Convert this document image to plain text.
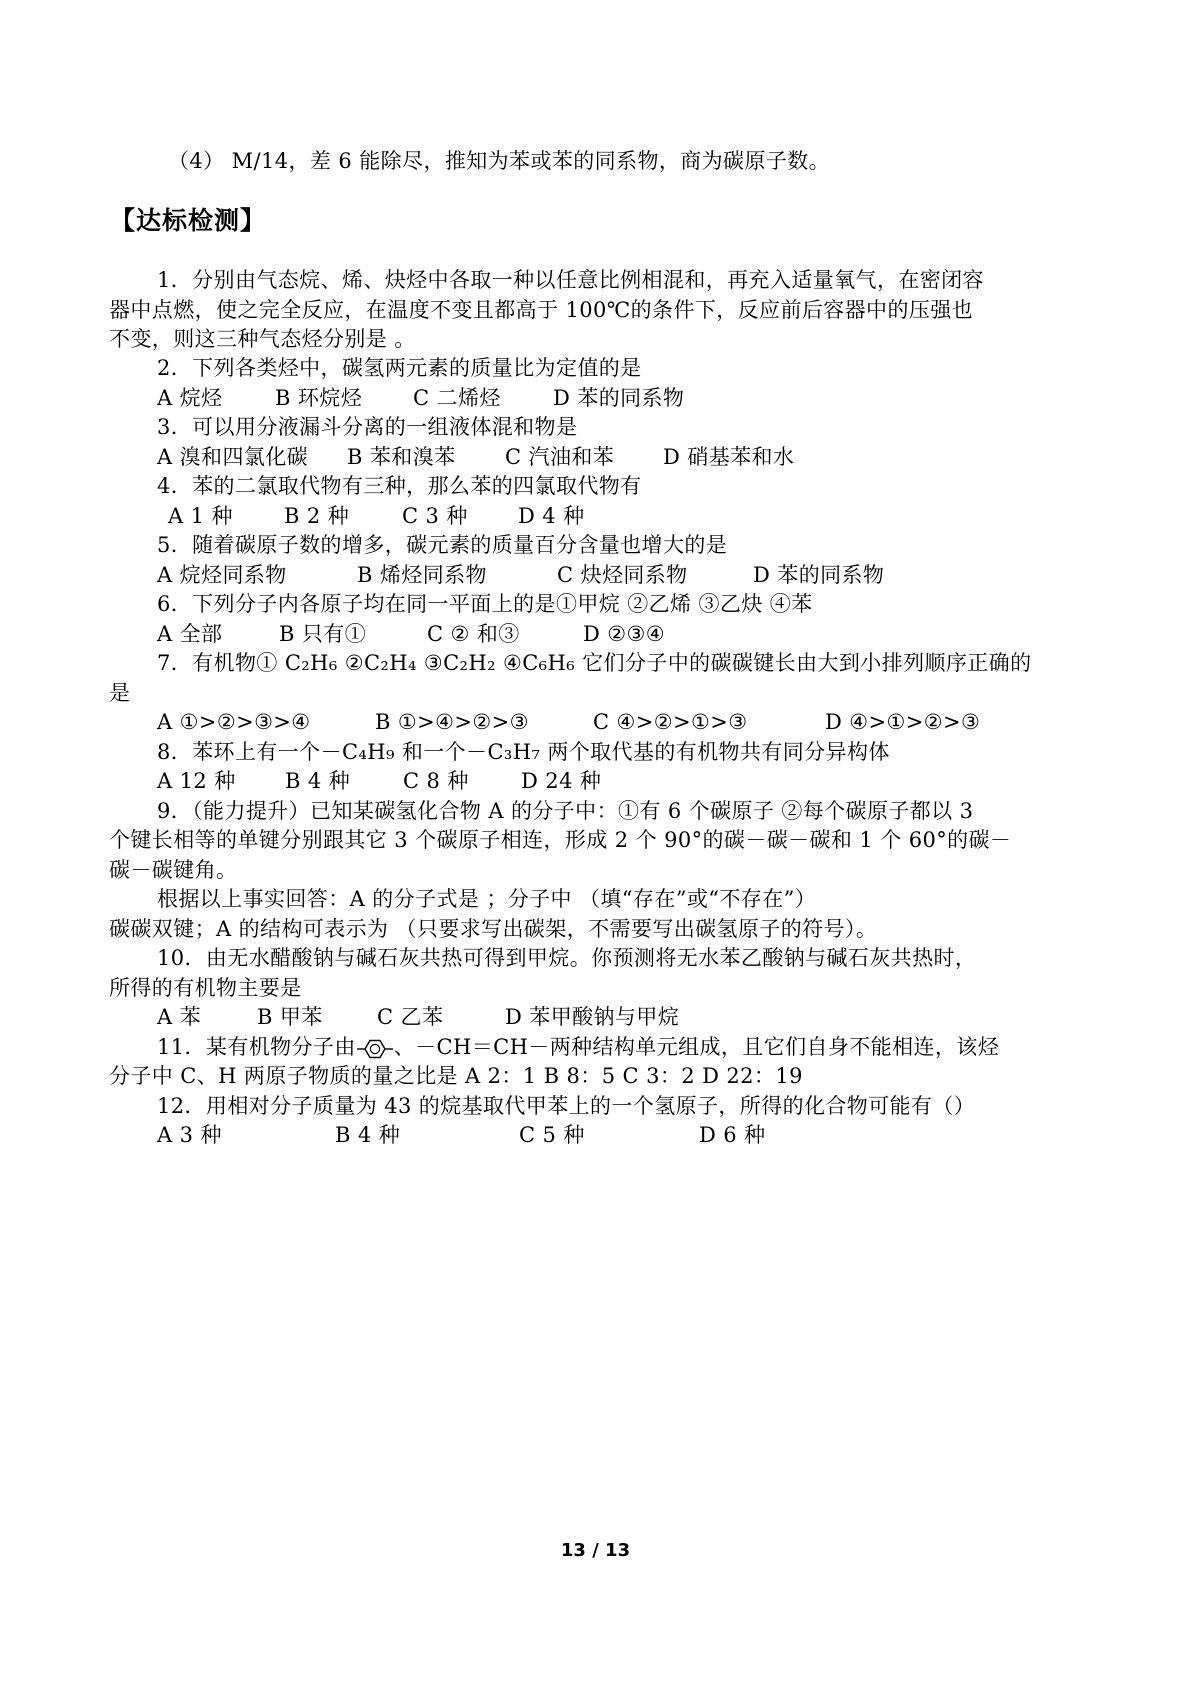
（4） M/14，差 6 能除尽，推知为苯或苯的同系物，商为碳原子数。
【达标检测】
1．分别由气态烷、烯、炔烃中各取一种以任意比例相混和，再充入适量氧气，在密闭容
器中点燃，使之完全反应，在温度不变且都高于 100℃的条件下，反应前后容器中的压强也
不变，则这三种气态烃分别是 。
2．下列各类烃中，碳氢两元素的质量比为定值的是
A 烷烃	B 环烷烃 C 二烯烃 D 苯的同系物
3．可以用分液漏斗分离的一组液体混和物是
A 溴和四氯化碳 B 苯和溴苯 C 汽油和苯 D 硝基苯和水
4．苯的二氯取代物有三种，那么苯的四氯取代物有
A 1 种 B 2 种	C 3 种 D 4 种
5．随着碳原子数的增多，碳元素的质量百分含量也增大的是
A 烷烃同系物	B 烯烃同系物	C 炔烃同系物	D 苯的同系物
6．下列分子内各原子均在同一平面上的是①甲烷 ②乙烯 ③乙炔 ④苯
A 全部	B 只有①	C ② 和③	D ②③④
7．有机物① C₂H₆ ②C₂H₄ ③C₂H₂ ④C₆H₆ 它们分子中的碳碳键长由大到小排列顺序正确的
是
A ①>②>③>④	B ①>④>②>③	C ④>②>①>③	D ④>①>②>③
8．苯环上有一个－C₄H₉ 和一个－C₃H₇ 两个取代基的有机物共有同分异构体
A 12 种 B 4 种	C 8 种 D 24 种
9．（能力提升）已知某碳氢化合物 A 的分子中：①有 6 个碳原子 ②每个碳原子都以 3
个键长相等的单键分别跟其它 3 个碳原子相连，形成 2 个 90°的碳－碳－碳和 1 个 60°的碳－
碳－碳键角。
根据以上事实回答：A 的分子式是 ；分子中 （填“存在”或“不存在”）
碳碳双键；A 的结构可表示为 （只要求写出碳架，不需要写出碳氢原子的符号）。
10．由无水醋酸钠与碱石灰共热可得到甲烷。你预测将无水苯乙酸钠与碱石灰共热时，
所得的有机物主要是
A 苯	B 甲苯	C 乙苯	D 苯甲酸钠与甲烷
11．某有机物分子由 、－CH＝CH－两种结构单元组成，且它们自身不能相连，该烃
分子中 C、H 两原子物质的量之比是 A 2：1 B 8：5 C 3：2 D 22：19
12．用相对分子质量为 43 的烷基取代甲苯上的一个氢原子，所得的化合物可能有（）
A 3 种	B 4 种	C 5 种	D 6 种
13 / 13
